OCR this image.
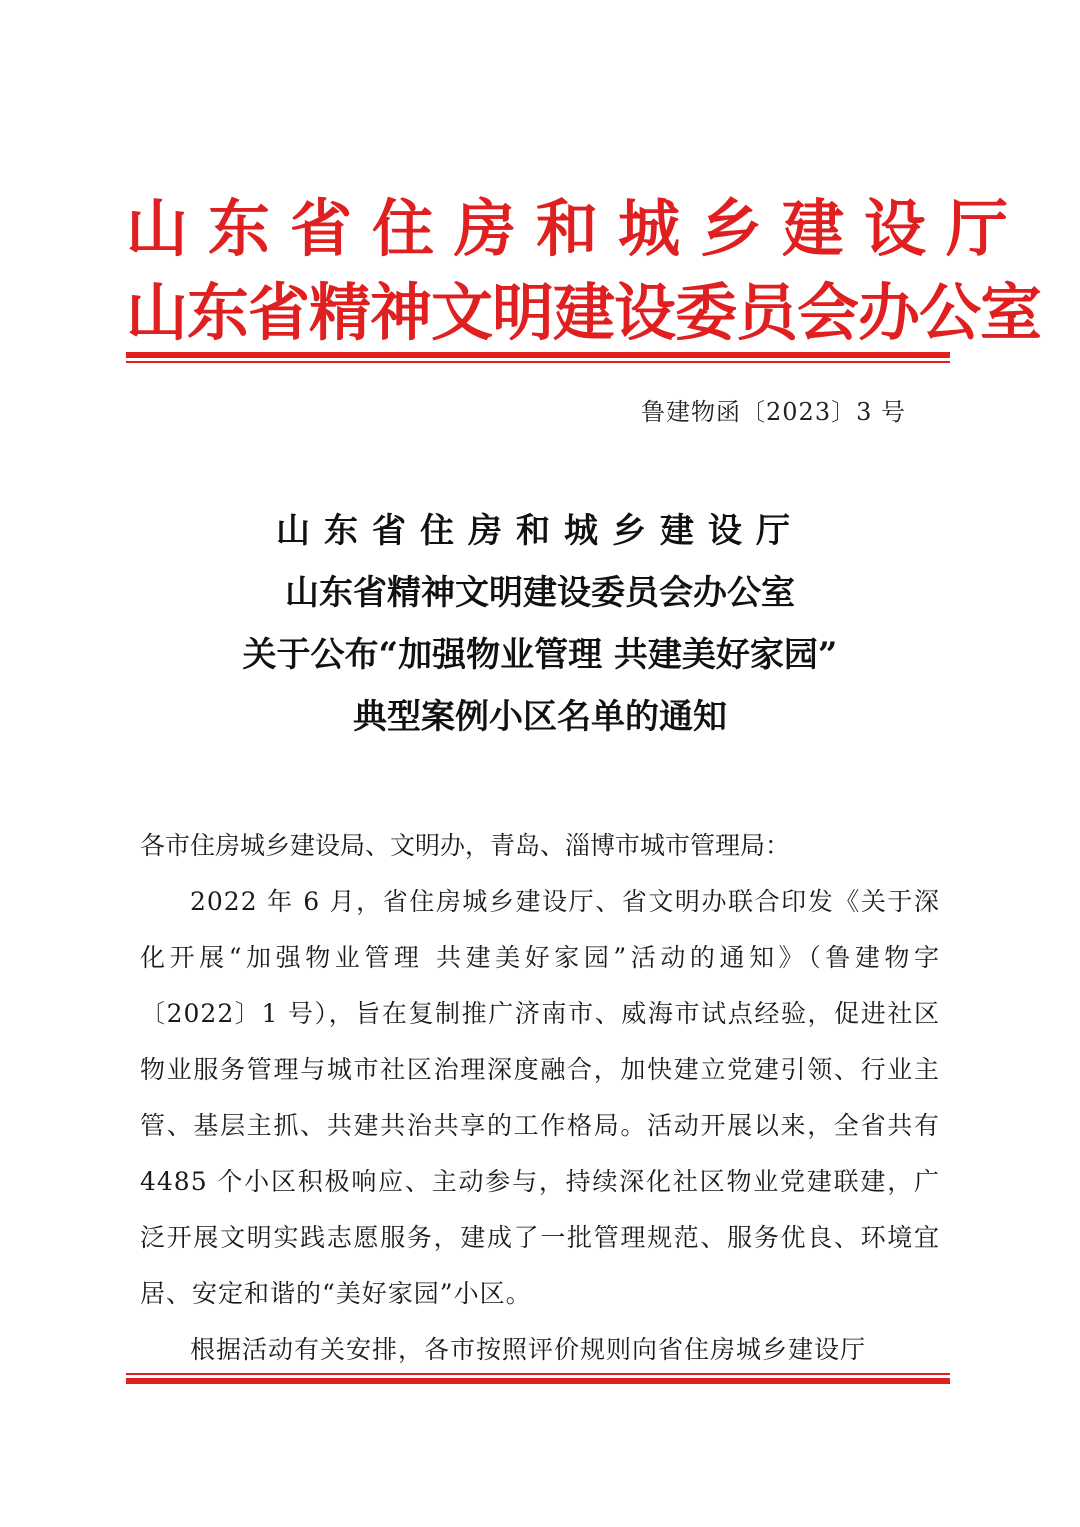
山东省住房和城乡建设厅
山东省精神文明建设委员会办公室
鲁建物函〔2023〕3 号
山东省住房和城乡建设厅
山东省精神文明建设委员会办公室
关于公布“加强物业管理 共建美好家园”
典型案例小区名单的通知

各市住房城乡建设局、文明办，青岛、淄博市城市管理局：

2022 年 6 月，省住房城乡建设厅、省文明办联合印发《关于深化开展“加强物业管理 共建美好家园”活动的通知》（鲁建物字〔2022〕1 号），旨在复制推广济南市、威海市试点经验，促进社区物业服务管理与城市社区治理深度融合，加快建立党建引领、行业主管、基层主抓、共建共治共享的工作格局。活动开展以来，全省共有 4485 个小区积极响应、主动参与，持续深化社区物业党建联建，广泛开展文明实践志愿服务，建成了一批管理规范、服务优良、环境宜居、安定和谐的“美好家园”小区。

根据活动有关安排，各市按照评价规则向省住房城乡建设厅
